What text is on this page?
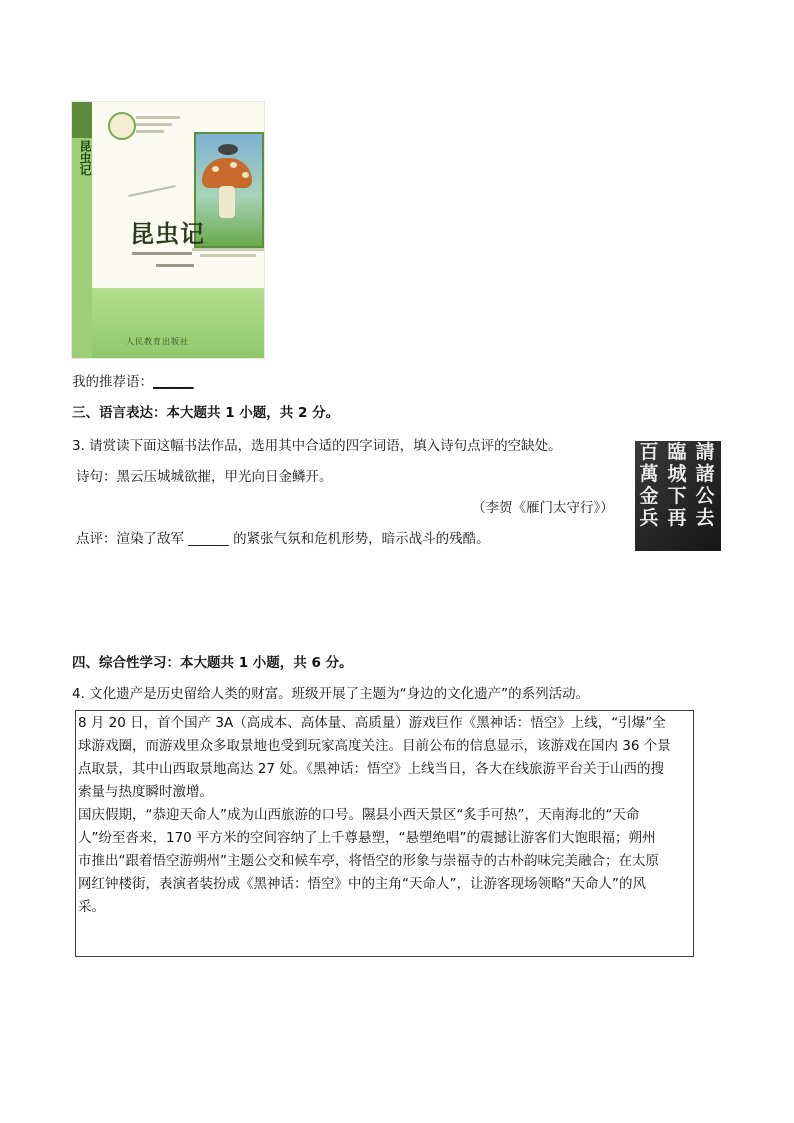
昆虫记
昆虫记
人民教育出版社
我的推荐语：______
三、语言表达：本大题共 1 小题，共 2 分。
3. 请赏读下面这幅书法作品，选用其中合适的四字词语，填入诗句点评的空缺处。
诗句：黑云压城城欲摧，甲光向日金鳞开。
（李贺《雁门太守行》）
点评：渲染了敌军 ______ 的紧张气氛和危机形势，暗示战斗的残酷。
百萬金兵
臨城下再
請諸公去
四、综合性学习：本大题共 1 小题，共 6 分。
4. 文化遗产是历史留给人类的财富。班级开展了主题为“身边的文化遗产”的系列活动。
8 月 20 日，首个国产 3A（高成本、高体量、高质量）游戏巨作《黑神话：悟空》上线，“引爆”全
球游戏圈，而游戏里众多取景地也受到玩家高度关注。目前公布的信息显示，该游戏在国内 36 个景
点取景，其中山西取景地高达 27 处。《黑神话：悟空》上线当日，各大在线旅游平台关于山西的搜
索量与热度瞬时激增。
国庆假期，“恭迎天命人”成为山西旅游的口号。隰县小西天景区“炙手可热”，天南海北的“天命
人”纷至沓来，170 平方米的空间容纳了上千尊悬塑，“悬塑绝唱”的震撼让游客们大饱眼福；朔州
市推出“跟着悟空游朔州”主题公交和候车亭，将悟空的形象与崇福寺的古朴韵味完美融合；在太原
网红钟楼街，表演者装扮成《黑神话：悟空》中的主角“天命人”，让游客现场领略“天命人”的风
采。
